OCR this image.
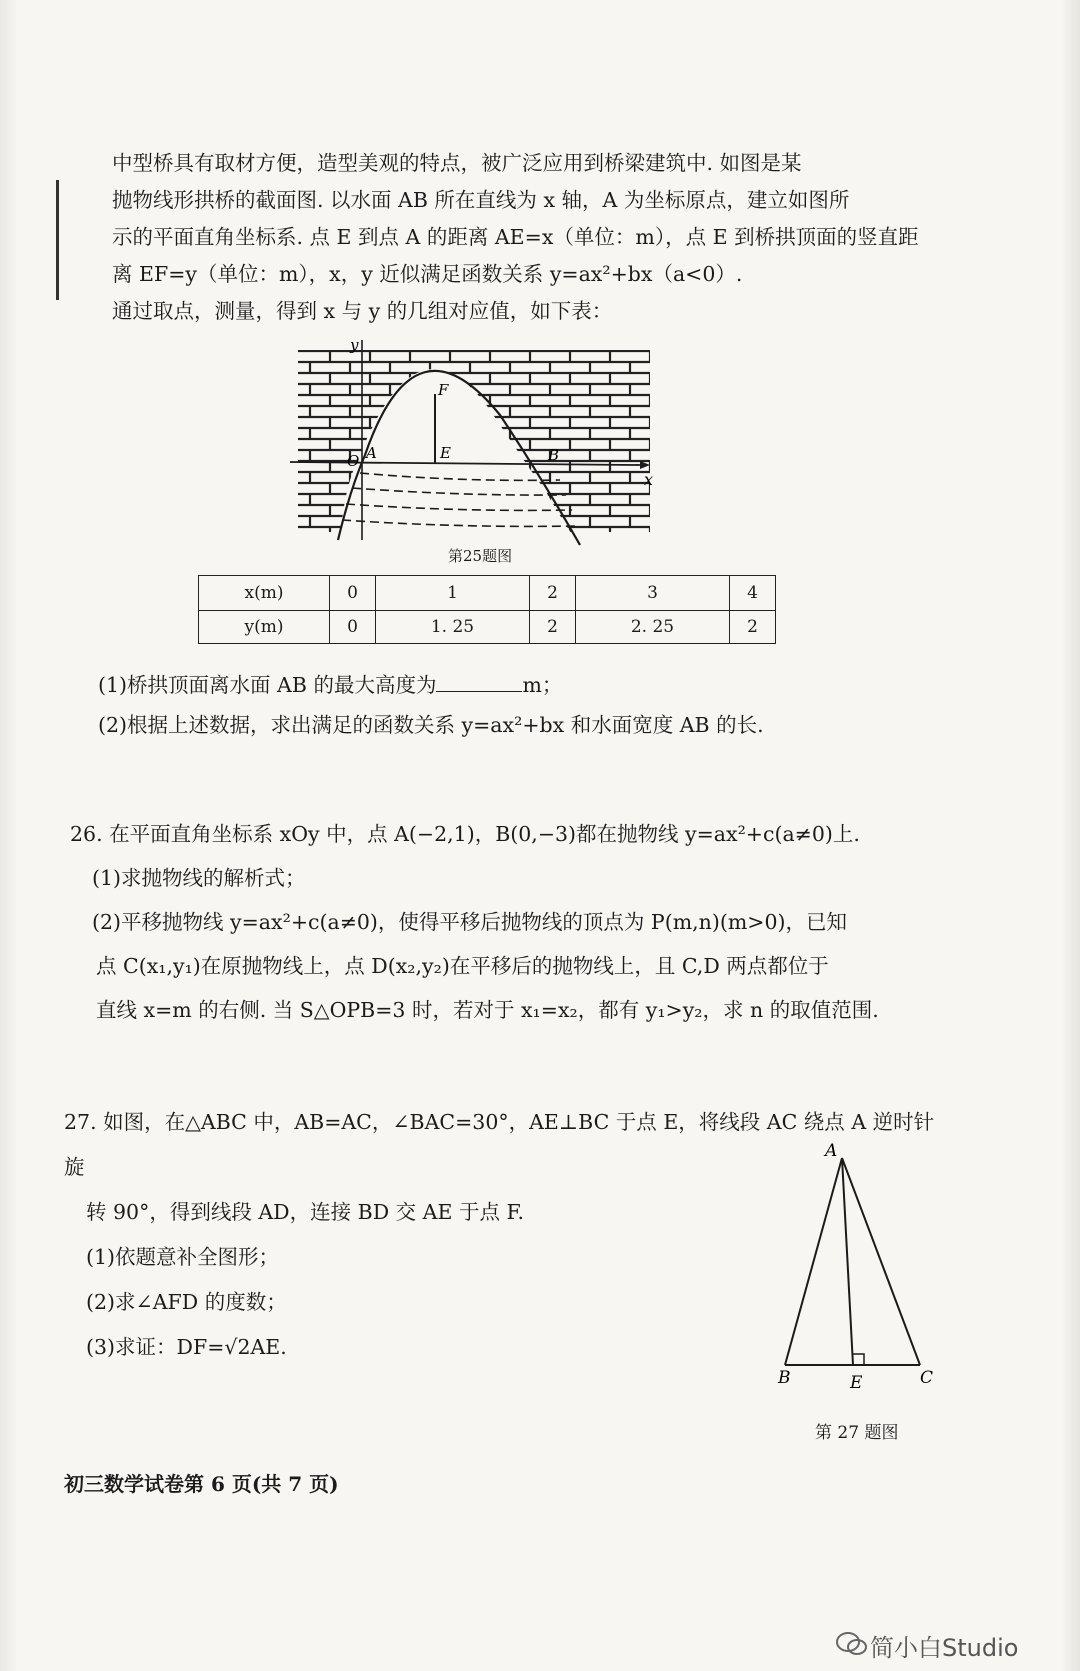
中型桥具有取材方便，造型美观的特点，被广泛应用到桥梁建筑中. 如图是某
抛物线形拱桥的截面图. 以水面 AB 所在直线为 x 轴，A 为坐标原点，建立如图所
示的平面直角坐标系. 点 E 到点 A 的距离 AE=x（单位：m），点 E 到桥拱顶面的竖直距
离 EF=y（单位：m），x，y 近似满足函数关系 y=ax²+bx（a<0）.
通过取点，测量，得到 x 与 y 的几组对应值，如下表：
y
x
O A
F
E	B
第25题图
x(m)	0	1	2	3	4
y(m)	0	1. 25	2	2. 25	2
(1)桥拱顶面离水面 AB 的最大高度为	m；
(2)根据上述数据，求出满足的函数关系 y=ax²+bx 和水面宽度 AB 的长.
26. 在平面直角坐标系 xOy 中，点 A(−2,1)，B(0,−3)都在抛物线 y=ax²+c(a≠0)上.
(1)求抛物线的解析式；
(2)平移抛物线 y=ax²+c(a≠0)，使得平移后抛物线的顶点为 P(m,n)(m>0)，已知
点 C(x₁,y₁)在原抛物线上，点 D(x₂,y₂)在平移后的抛物线上，且 C,D 两点都位于
直线 x=m 的右侧. 当 S△OPB=3 时，若对于 x₁=x₂，都有 y₁>y₂，求 n 的取值范围.
27. 如图，在△ABC 中，AB=AC，∠BAC=30°，AE⊥BC 于点 E，将线段 AC 绕点 A 逆时针旋
转 90°，得到线段 AD，连接 BD 交 AE 于点 F.
(1)依题意补全图形；
(2)求∠AFD 的度数；
(3)求证：DF=√2AE.
A
B	E	C
第 27 题图
初三数学试卷第 6 页(共 7 页)
简小白Studio
